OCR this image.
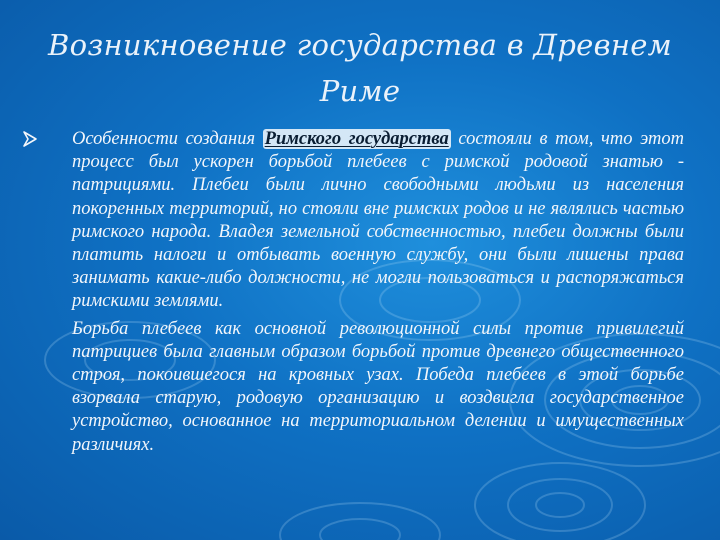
Возникновение государства в Древнем Риме

Особенности создания Римского государства состояли в том, что этот процесс был ускорен борьбой плебеев с римской родовой знатью - патрициями. Плебеи были лично свободными людьми из населения покоренных территорий, но стояли вне римских родов и не являлись частью римского народа. Владея земельной собственностью, плебеи должны были платить налоги и отбывать военную службу, они были лишены права занимать какие-либо должности, не могли пользоваться и распоряжаться римскими землями.

Борьба плебеев как основной революционной силы против привилегий патрициев была главным образом борьбой против древнего общественного строя, покоившегося на кровных узах. Победа плебеев в этой борьбе взорвала старую, родовую организацию и воздвигла государственное устройство, основанное на территориальном делении и имущественных различиях.
